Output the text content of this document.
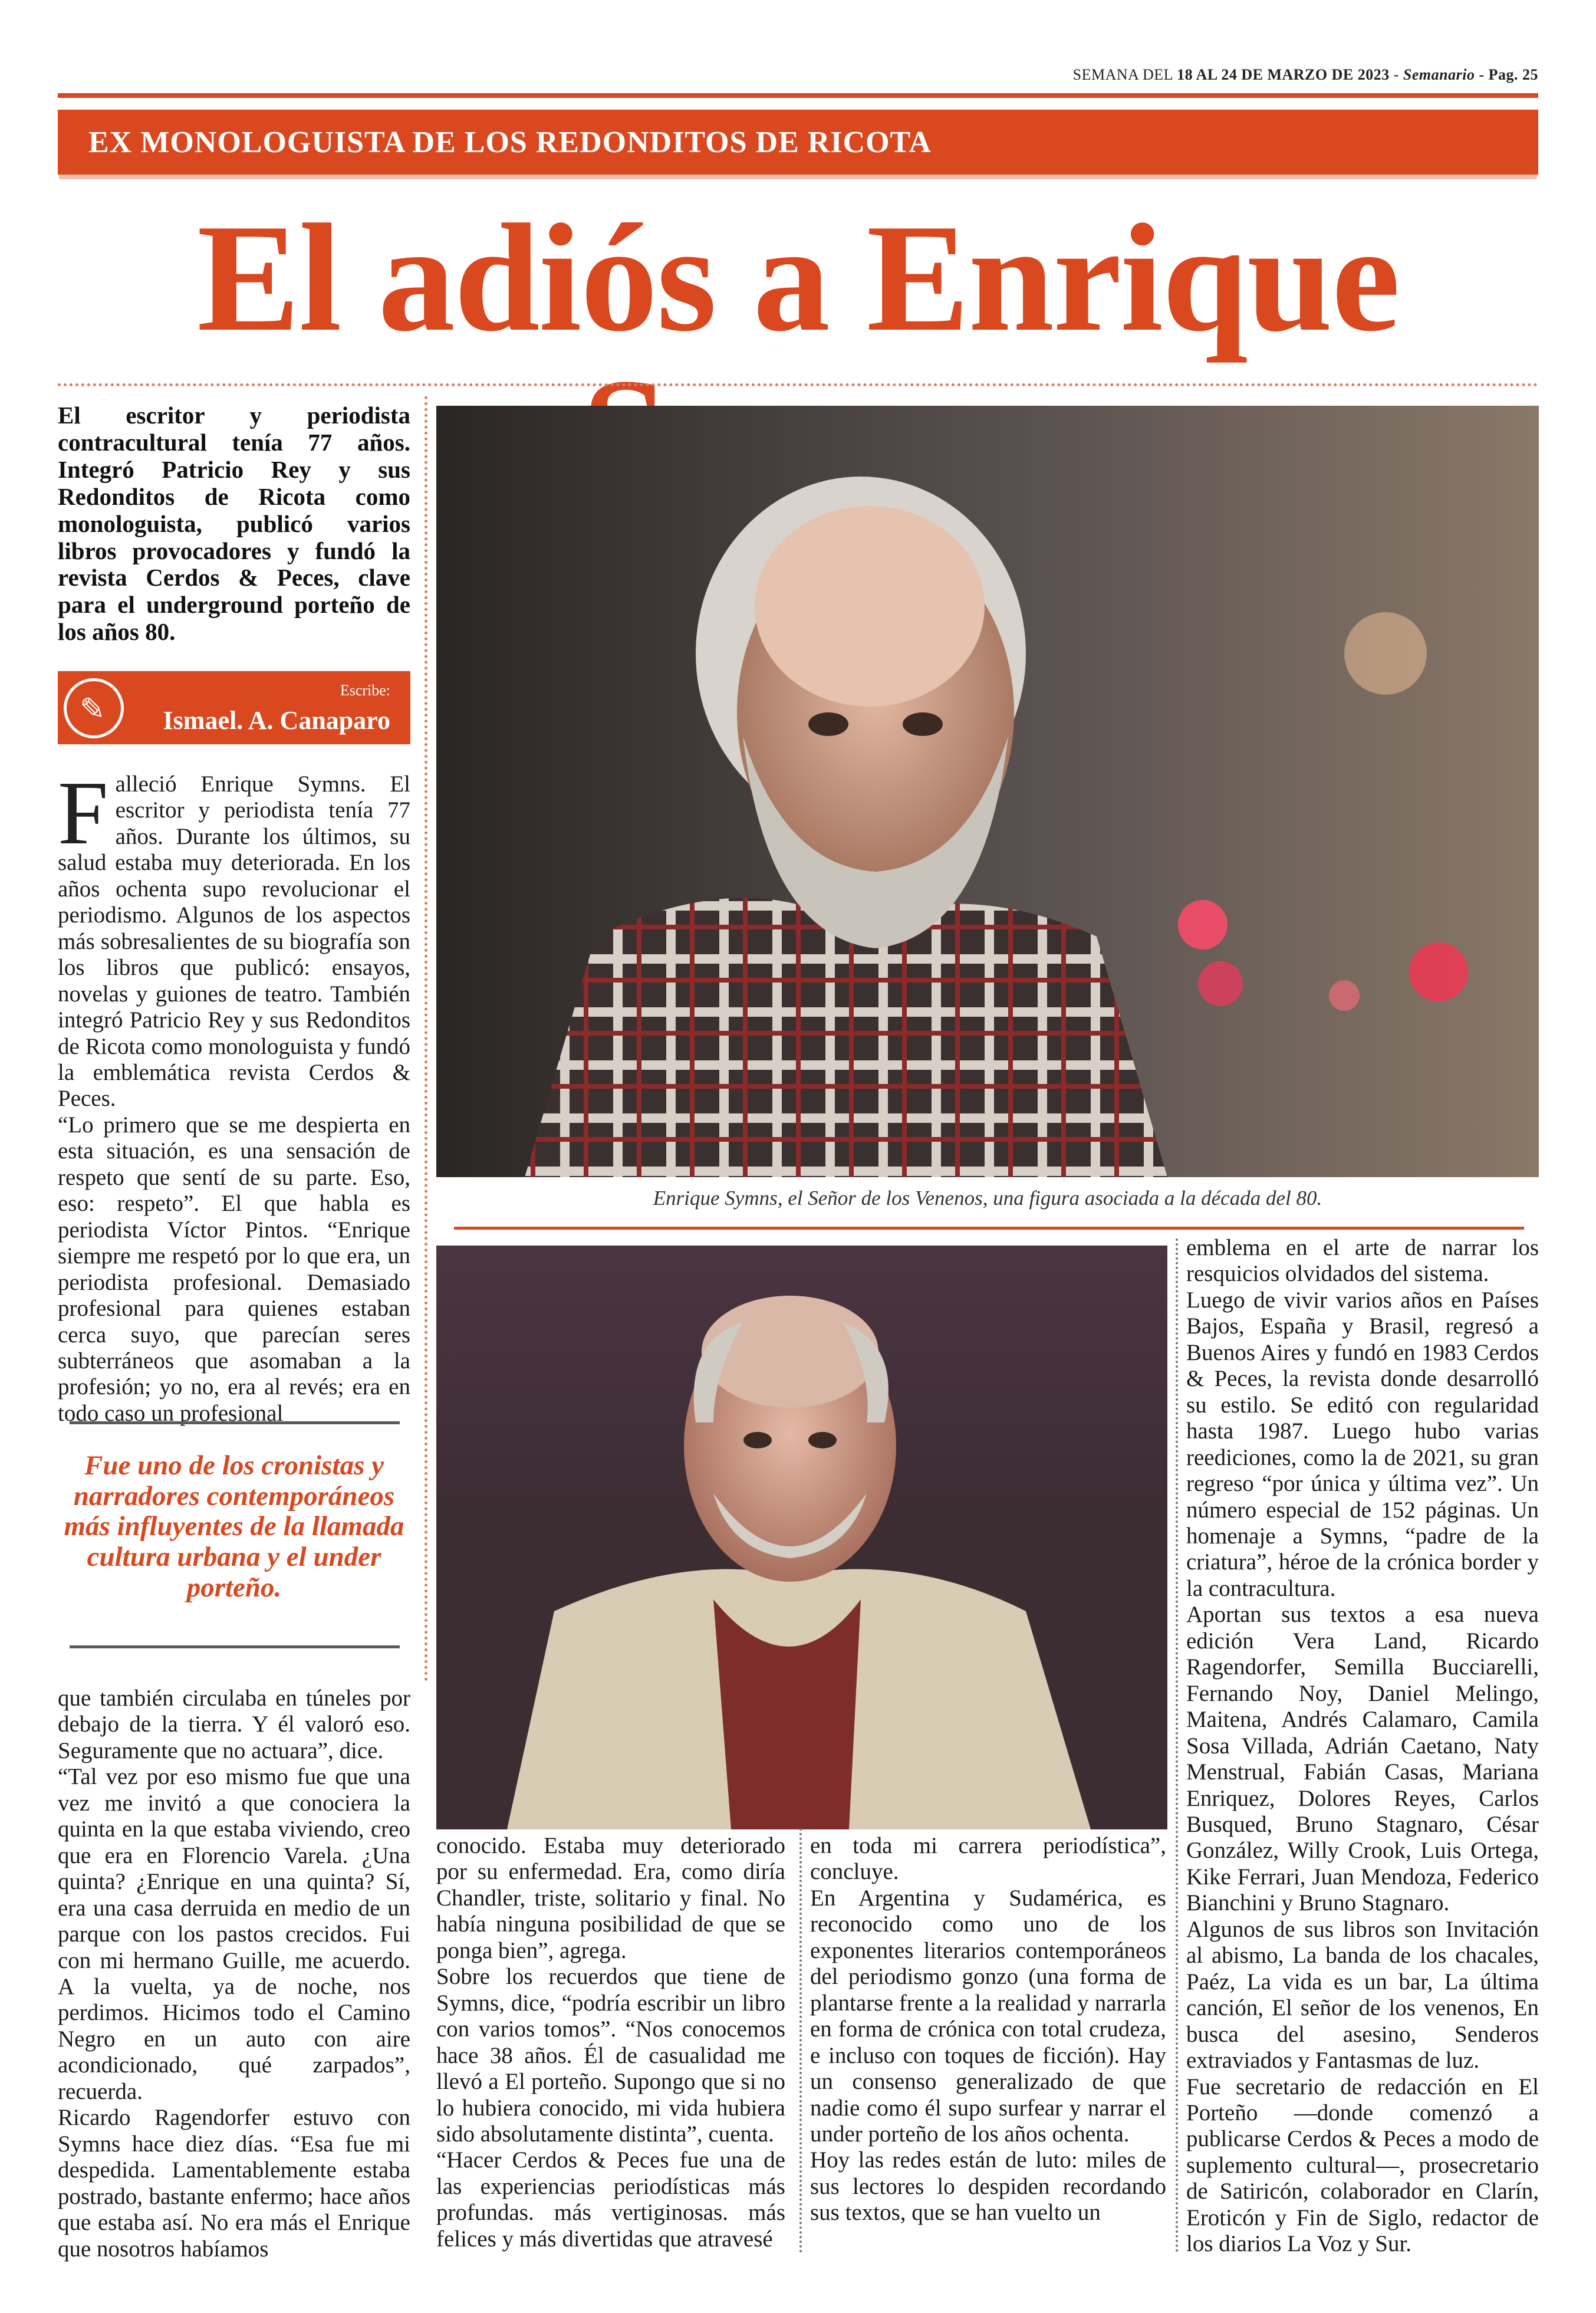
SEMANA DEL 18 AL 24 DE MARZO DE 2023 - Semanario - Pag. 25
EX MONOLOGUISTA DE LOS REDONDITOS DE RICOTA
El adiós a Enrique
El escritor y periodista contracultural tenía 77 años. Integró Patricio Rey y sus Redonditos de Ricota como monologuista, publicó varios libros provocadores y fundó la revista Cerdos & Peces, clave para el underground porteño de los años 80.
✎
Escribe:
Ismael. A. Canaparo

Falleció Enrique Symns. El escritor y periodista tenía 77 años. Durante los últimos, su salud estaba muy deteriorada. En los años ochenta supo revolucionar el periodismo. Algunos de los aspectos más sobresalientes de su biografía son los libros que publicó: ensayos, novelas y guiones de teatro. También integró Patricio Rey y sus Redonditos de Ricota como monologuista y fundó la emblemática revista Cerdos & Peces.

“Lo primero que se me despierta en esta situación, es una sensación de respeto que sentí de su parte. Eso, eso: respeto”. El que habla es periodista Víctor Pintos. “Enrique siempre me respetó por lo que era, un periodista profesional. Demasiado profesional para quienes estaban cerca suyo, que parecían seres subterráneos que asomaban a la profesión; yo no, era al revés; era en todo caso un profesional

Fue uno de los cronistas y narradores contemporáneos más influyentes de la llamada cultura urbana y el under porteño.

que también circulaba en túneles por debajo de la tierra. Y él valoró eso. Seguramente que no actuara”, dice.

“Tal vez por eso mismo fue que una vez me invitó a que conociera la quinta en la que estaba viviendo, creo que era en Florencio Varela. ¿Una quinta? ¿Enrique en una quinta? Sí, era una casa derruida en medio de un parque con los pastos crecidos. Fui con mi hermano Guille, me acuerdo. A la vuelta, ya de noche, nos perdimos. Hicimos todo el Camino Negro en un auto con aire acondicionado, qué zarpados”, recuerda.

Ricardo Ragendorfer estuvo con Symns hace diez días. “Esa fue mi despedida. Lamentablemente estaba postrado, bastante enfermo; hace años que estaba así. No era más el Enrique que nosotros habíamos

Enrique Symns, el Señor de los Venenos, una figura asociada a la década del 80.

conocido. Estaba muy deteriorado por su enfermedad. Era, como diría Chandler, triste, solitario y final. No había ninguna posibilidad de que se ponga bien”, agrega.

Sobre los recuerdos que tiene de Symns, dice, “podría escribir un libro con varios tomos”. “Nos conocemos hace 38 años. Él de casualidad me llevó a El porteño. Supongo que si no lo hubiera conocido, mi vida hubiera sido absolutamente distinta”, cuenta.

“Hacer Cerdos & Peces fue una de las experiencias periodísticas más profundas. más vertiginosas. más felices y más divertidas que atravesé

en toda mi carrera periodística”, concluye.

En Argentina y Sudamérica, es reconocido como uno de los exponentes literarios contemporáneos del periodismo gonzo (una forma de plantarse frente a la realidad y narrarla en forma de crónica con total crudeza, e incluso con toques de ficción). Hay un consenso generalizado de que nadie como él supo surfear y narrar el under porteño de los años ochenta.

Hoy las redes están de luto: miles de sus lectores lo despiden recordando sus textos, que se han vuelto un

emblema en el arte de narrar los resquicios olvidados del sistema.

Luego de vivir varios años en Países Bajos, España y Brasil, regresó a Buenos Aires y fundó en 1983 Cerdos & Peces, la revista donde desarrolló su estilo. Se editó con regularidad hasta 1987. Luego hubo varias reediciones, como la de 2021, su gran regreso “por única y última vez”. Un número especial de 152 páginas. Un homenaje a Symns, “padre de la criatura”, héroe de la crónica border y la contracultura.

Aportan sus textos a esa nueva edición Vera Land, Ricardo Ragendorfer, Semilla Bucciarelli, Fernando Noy, Daniel Melingo, Maitena, Andrés Calamaro, Camila Sosa Villada, Adrián Caetano, Naty Menstrual, Fabián Casas, Mariana Enriquez, Dolores Reyes, Carlos Busqued, Bruno Stagnaro, César González, Willy Crook, Luis Ortega, Kike Ferrari, Juan Mendoza, Federico Bianchini y Bruno Stagnaro.

Algunos de sus libros son Invitación al abismo, La banda de los chacales, Paéz, La vida es un bar, La última canción, El señor de los venenos, En busca del asesino, Senderos extraviados y Fantasmas de luz.

Fue secretario de redacción en El Porteño —donde comenzó a publicarse Cerdos & Peces a modo de suplemento cultural—, prosecretario de Satiricón, colaborador en Clarín, Eroticón y Fin de Siglo, redactor de los diarios La Voz y Sur.
